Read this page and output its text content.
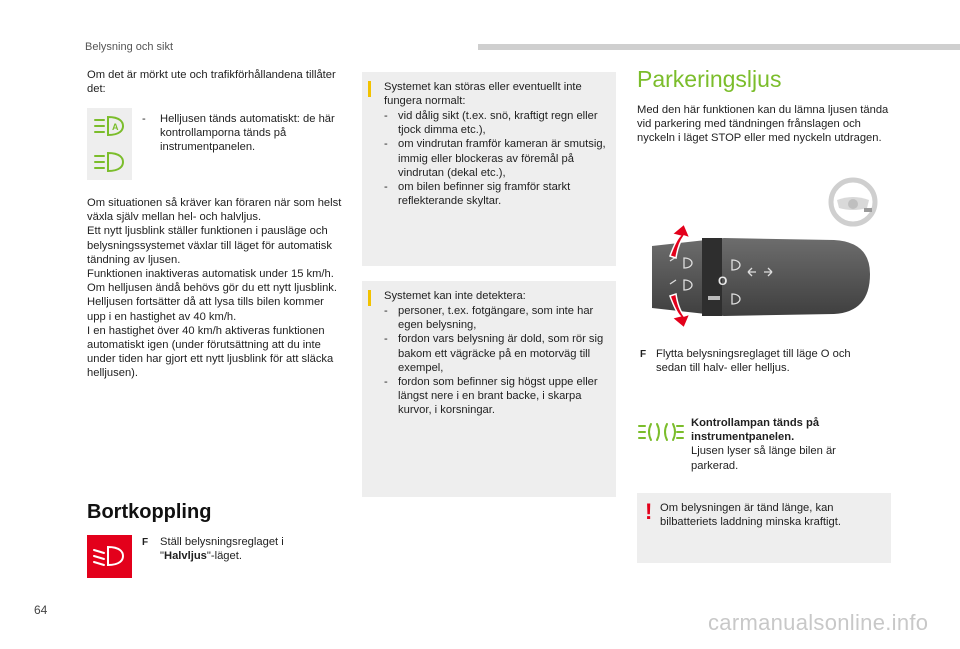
Belysning och sikt
Om det är mörkt ute och trafikförhållandena tillåter det:
A
-	Helljusen tänds automatiskt: de här kontrollamporna tänds på instrumentpanelen.
Om situationen så kräver kan föraren när som helst växla själv mellan hel- och halvljus.
Ett nytt ljusblink ställer funktionen i pausläge och belysningssystemet växlar till läget för automatisk tändning av ljusen.
Funktionen inaktiveras automatisk under 15 km/h.
Om helljusen ändå behövs gör du ett nytt ljusblink. Helljusen fortsätter då att lysa tills bilen kommer upp i en hastighet av 40 km/h.
I en hastighet över 40 km/h aktiveras funktionen automatiskt igen (under förutsättning att du inte under tiden har gjort ett nytt ljusblink för att släcka helljusen).
Bortkoppling
F Ställ belysningsreglaget i "Halvljus"-läget.
Systemet kan störas eller eventuellt inte fungera normalt:
- vid dålig sikt (t.ex. snö, kraftigt regn eller tjock dimma etc.),
- om vindrutan framför kameran är smutsig, immig eller blockeras av föremål på vindrutan (dekal etc.),
- om bilen befinner sig framför starkt reflekterande skyltar.
Systemet kan inte detektera:
- personer, t.ex. fotgängare, som inte har egen belysning,
- fordon vars belysning är dold, som rör sig bakom ett vägräcke på en motorväg till exempel,
- fordon som befinner sig högst uppe eller längst nere i en brant backe, i skarpa kurvor, i korsningar.
Parkeringsljus
Med den här funktionen kan du lämna ljusen tända vid parkering med tändningen frånslagen och nyckeln i läget STOP eller med nyckeln utdragen.
O
F Flytta belysningsreglaget till läge O och sedan till halv- eller helljus.
Kontrollampan tänds på instrumentpanelen.
Ljusen lyser så länge bilen är parkerad.
! Om belysningen är tänd länge, kan bilbatteriets laddning minska kraftigt.
64	carmanualsonline.info
